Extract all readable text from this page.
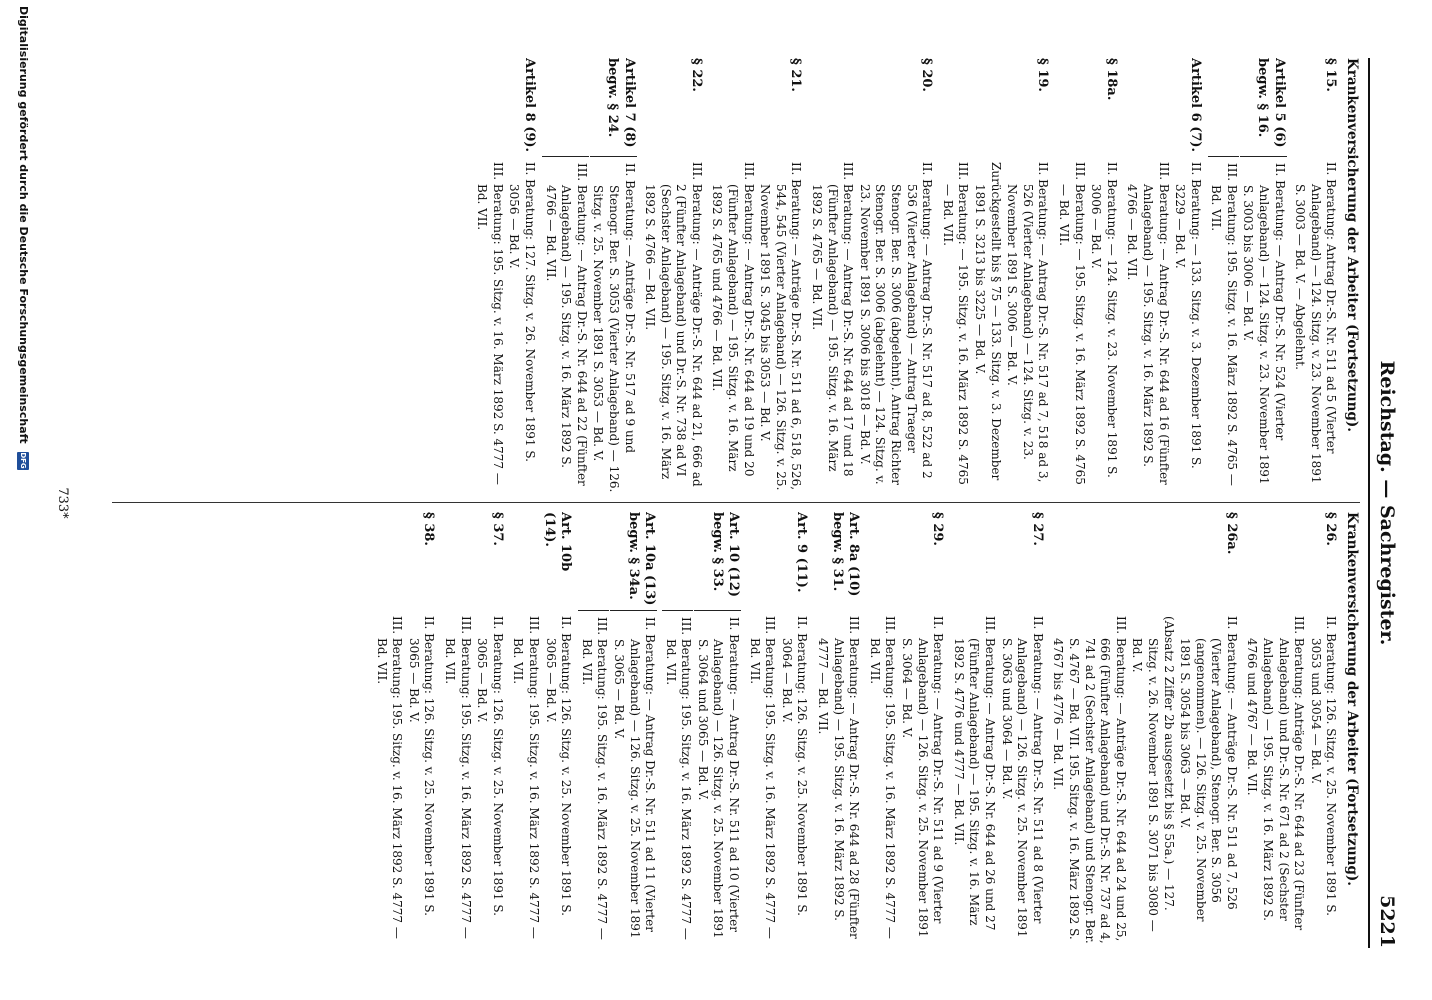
Reichstag. — Sachregister.
5221
Krankenversicherung der Arbeiter (Fortsetzung).
§ 15.
II. Beratung: Antrag Dr.-S. Nr. 511 ad 5 (Vierter Anlageband) — 124. Sitzg. v. 23. November 1891 S. 3003 — Bd. V. — Abgelehnt.
Artikel 5 (6) begw. § 16.
II. Beratung: — Antrag Dr.-S. Nr. 524 (Vierter Anlageband) — 124. Sitzg. v. 23. November 1891 S. 3003 bis 3006 — Bd. V.
III. Beratung: 195. Sitzg. v. 16. März 1892 S. 4765 — Bd. VII.
Artikel 6 (7).
II. Beratung: — 133. Sitzg. v. 3. Dezember 1891 S. 3229 — Bd. V.
III. Beratung: — Antrag Dr.-S. Nr. 644 ad 16 (Fünfter Anlageband) — 195. Sitzg. v. 16. März 1892 S. 4766 — Bd. VII.
§ 18a.
II. Beratung: — 124. Sitzg. v. 23. November 1891 S. 3006 — Bd. V.
III. Beratung: — 195. Sitzg. v. 16. März 1892 S. 4765 — Bd. VII.
§ 19.
II. Beratung: — Antrag Dr.-S. Nr. 517 ad 7, 518 ad 3, 526 (Vierter Anlageband) — 124. Sitzg. v. 23. November 1891 S. 3006 — Bd. V.
Zurückgestellt bis § 75 — 133. Sitzg. v. 3. Dezember 1891 S. 3213 bis 3225 — Bd. V.
III. Beratung: — 195. Sitzg. v. 16. März 1892 S. 4765 — Bd. VII.
§ 20.
II. Beratung: — Antrag Dr.-S. Nr. 517 ad 8, 522 ad 2 536 (Vierter Anlageband) — Antrag Traeger Stenogr. Ber. S. 3006 (abgelehnt). Antrag Richter Stenogr. Ber. S. 3006 (abgelehnt) — 124. Sitzg. v. 23. November 1891 S. 3006 bis 3018 — Bd. V.
III. Beratung: — Antrag Dr.-S. Nr. 644 ad 17 und 18 (Fünfter Anlageband) — 195. Sitzg. v. 16. März 1892 S. 4765 — Bd. VII.
§ 21.
II. Beratung: — Anträge Dr.-S. Nr. 511 ad 6, 518, 526, 544, 545 (Vierter Anlageband) — 126. Sitzg. v. 25. November 1891 S. 3045 bis 3053 — Bd. V.
III. Beratung: — Antrag Dr.-S. Nr. 644 ad 19 und 20 (Fünfter Anlageband) — 195. Sitzg. v. 16. März 1892 S. 4765 und 4766 — Bd. VII.
§ 22.
III. Beratung: — Anträge Dr.-S. Nr. 644 ad 21, 666 ad 2 (Fünfter Anlageband) und Dr.-S. Nr. 738 ad VI (Sechster Anlageband) — 195. Sitzg. v. 16. März 1892 S. 4766 — Bd. VII.
Artikel 7 (8) begw. § 24.
II. Beratung: — Anträge Dr.-S. Nr. 517 ad 9 und Stenogr. Ber. S. 3053 (Vierter Anlageband) — 126. Sitzg. v. 25. November 1891 S. 3053 — Bd. V.
III. Beratung: — Antrag Dr.-S. Nr. 644 ad 22 (Fünfter Anlageband) — 195. Sitzg. v. 16. März 1892 S. 4766 — Bd. VII.
Artikel 8 (9).
II. Beratung: 127. Sitzg. v. 26. November 1891 S. 3056 — Bd. V.
III. Beratung: 195. Sitzg. v. 16. März 1892 S. 4777 — Bd. VII.
Krankenversicherung der Arbeiter (Fortsetzung).
§ 26.
II. Beratung: 126. Sitzg. v. 25. November 1891 S. 3053 und 3054 — Bd. V.
III. Beratung: Anträge Dr.-S. Nr. 644 ad 23 (Fünfter Anlageband) und Dr.-S. Nr. 671 ad 2 (Sechster Anlageband) — 195. Sitzg. v. 16. März 1892 S. 4766 und 4767 — Bd. VII.
§ 26a.
II. Beratung: — Anträge Dr.-S. Nr. 511 ad 7, 526 (Vierter Anlageband), Stenogr. Ber. S. 3056 (angenommen). — 126. Sitzg. v. 25. November 1891 S. 3054 bis 3063 — Bd. V.
(Absatz 2 Ziffer 2b ausgesetzt bis § 55a.) — 127. Sitzg. v. 26. November 1891 S. 3071 bis 3080 — Bd. V.
III. Beratung: — Anträge Dr.-S. Nr. 644 ad 24 und 25, 666 (Fünfter Anlageband) und Dr.-S. Nr. 737 ad 4, 741 ad 2 (Sechster Anlageband) und Stenogr. Ber. S. 4767 — Bd. VII. 195. Sitzg. v. 16. März 1892 S. 4767 bis 4776 — Bd. VII.
§ 27.
II. Beratung: — Antrag Dr.-S. Nr. 511 ad 8 (Vierter Anlageband) — 126. Sitzg. v. 25. November 1891 S. 3063 und 3064 — Bd. V.
III. Beratung: — Antrag Dr.-S. Nr. 644 ad 26 und 27 (Fünfter Anlageband) — 195. Sitzg. v. 16. März 1892 S. 4776 und 4777 — Bd. VII.
§ 29.
II. Beratung: — Antrag Dr.-S. Nr. 511 ad 9 (Vierter Anlageband) — 126. Sitzg. v. 25. November 1891 S. 3064 — Bd. V.
III. Beratung: 195. Sitzg. v. 16. März 1892 S. 4777 — Bd. VII.
Art. 8a (10) begw. § 31.
III. Beratung: — Antrag Dr.-S. Nr. 644 ad 28 (Fünfter Anlageband) — 195. Sitzg. v. 16. März 1892 S. 4777 — Bd. VII.
Art. 9 (11).
II. Beratung: 126. Sitzg. v. 25. November 1891 S. 3064 — Bd. V.
III. Beratung: 195. Sitzg. v. 16. März 1892 S. 4777 — Bd. VII.
Art. 10 (12) begw. § 33.
II. Beratung: — Antrag Dr.-S. Nr. 511 ad 10 (Vierter Anlageband) — 126. Sitzg. v. 25. November 1891 S. 3064 und 3065 — Bd. V.
III. Beratung: 195. Sitzg. v. 16. März 1892 S. 4777 — Bd. VII.
Art. 10a (13) begw. § 34a.
II. Beratung: — Antrag Dr.-S. Nr. 511 ad 11 (Vierter Anlageband) — 126. Sitzg. v. 25. November 1891 S. 3065 — Bd. V.
III. Beratung: 195. Sitzg. v. 16. März 1892 S. 4777 — Bd. VII.
Art. 10b (14).
II. Beratung: 126. Sitzg. v. 25. November 1891 S. 3065 — Bd. V.
III. Beratung: 195. Sitzg. v. 16. März 1892 S. 4777 — Bd. VII.
§ 37.
II. Beratung: 126. Sitzg. v. 25. November 1891 S. 3065 — Bd. V.
III. Beratung: 195. Sitzg. v. 16. März 1892 S. 4777 — Bd. VII.
§ 38.
II. Beratung: 126. Sitzg. v. 25. November 1891 S. 3065 — Bd. V.
III. Beratung: 195. Sitzg. v. 16. März 1892 S. 4777 — Bd. VII.
733*
Digitalisierung gefördert durch die Deutsche Forschungsgemeinschaft DFG
